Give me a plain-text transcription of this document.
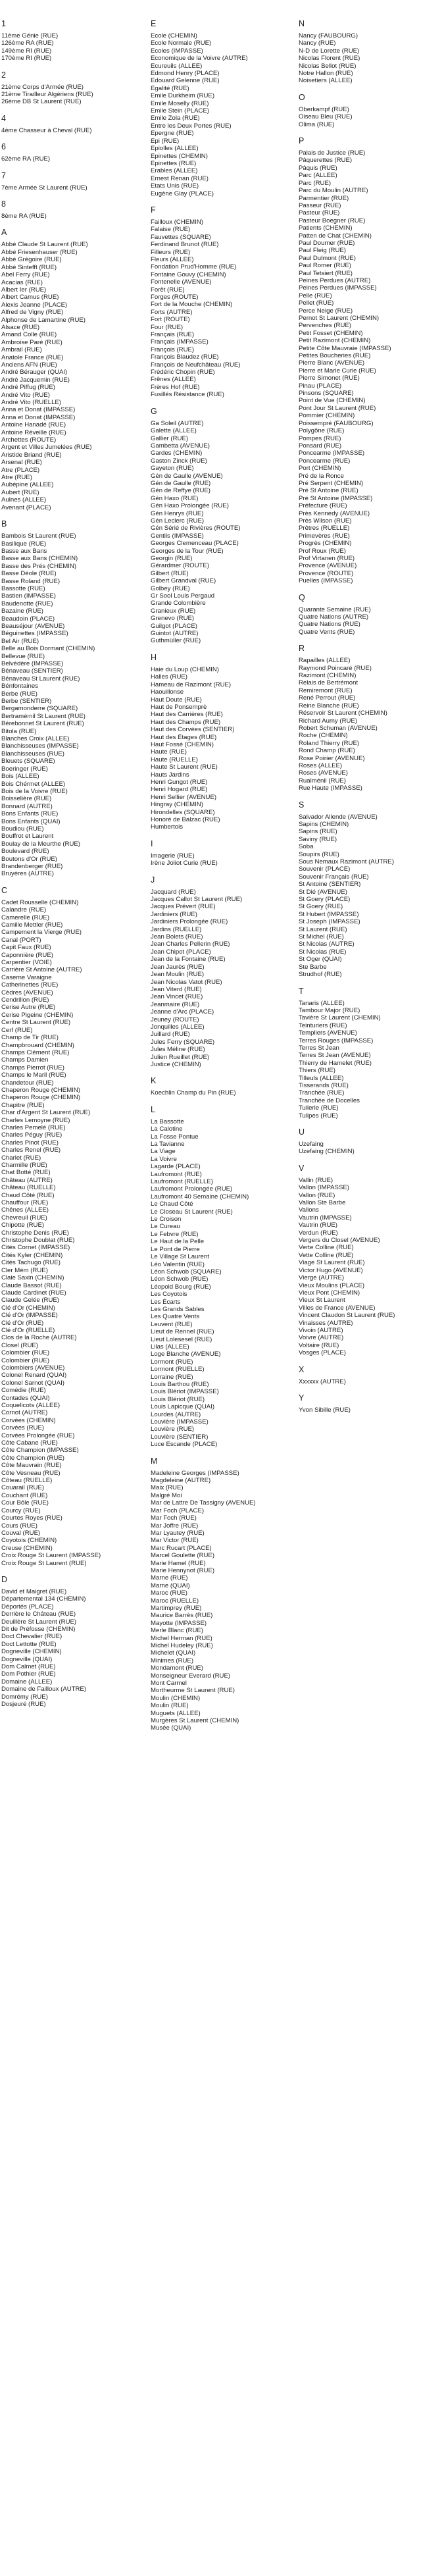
1
11ème Génie (RUE)
126ème RA (RUE)
149ème RI (RUE)
170ème RI (RUE)
2
21ème Corps d'Armée (RUE)
21ème Tirailleur Algériens (RUE)
26ème DB St Laurent (RUE)
4
4ème Chasseur à Cheval (RUE)
6
62ème RA (RUE)
7
7ème Armée St Laurent (RUE)
8
8ème RA (RUE)
A
Abbé Claude St Laurent (RUE)
Abbé Friesenhauser (RUE)
Abbé Grégoire (RUE)
Abbé Sintefft (RUE)
Abel Ferry (RUE)
Acacias (RUE)
Albert Ier (RUE)
Albert Camus (RUE)
Alexis Jeanne (PLACE)
Alfred de Vigny (RUE)
Alphonse de Lamartine (RUE)
Alsace (RUE)
Amand Colle (RUE)
Ambroise Paré (RUE)
Ambrail (RUE)
Anatole France (RUE)
Anciens AFN (RUE)
André Bérauger (QUAI)
André Jacquemin (RUE)
André Piffug (RUE)
André Vito (RUE)
André Vito (RUELLE)
Anna et Donat (IMPASSE)
Anna et Donat (IMPASSE)
Antoine Hanadé (RUE)
Antoine Réveille (RUE)
Archettes (ROUTE)
Argent et Villes Jumelées (RUE)
Aristide Briand (RUE)
Arsenal (RUE)
Atre (PLACE)
Atre (RUE)
Aubépine (ALLEE)
Aubert (RUE)
Aulnes (ALLEE)
Avenant (PLACE)
B
Bambois St Laurent (RUE)
Basilique (RUE)
Basse aux Bans
Basse aux Bans (CHEMIN)
Basse des Prés (CHEMIN)
Basse Déole (RUE)
Basse Roland (RUE)
Bassotte (RUE)
Bastien (IMPASSE)
Baudenotte (RUE)
Bazaine (RUE)
Beaudoin (PLACE)
Beauséjour (AVENUE)
Béguinettes (IMPASSE)
Bel Air (RUE)
Belle au Bois Dormant (CHEMIN)
Bellevue (RUE)
Belvédère (IMPASSE)
Bénaveau (SENTIER)
Bénaveau St Laurent (RUE)
Bénfontaines
Berbe (RUE)
Berbe (SENTIER)
Bergamonderre (SQUARE)
Bertramémil St Laurent (RUE)
Bérebonnet St Laurent (RUE)
Bitola (RUE)
Blanches Croix (ALLEE)
Blanchisseuses (IMPASSE)
Blanchisseuses (RUE)
Bleuets (SQUARE)
Boeringer (RUE)
Bois (ALLEE)
Bois Chérmet (ALLEE)
Bois de la Voivre (RUE)
Boisselière (RUE)
Bonnard (AUTRE)
Bons Enfants (RUE)
Bons Enfants (QUAI)
Boudiou (RUE)
Bouffrot et Laurent
Boulay de la Meurthe (RUE)
Boulevard (RUE)
Boutons d'Or (RUE)
Brandenberger (RUE)
Bruyères (AUTRE)
C
Cadet Rousselle (CHEMIN)
Calandre (RUE)
Camerelle (RUE)
Camille Mettler (RUE)
Campement la Vierge (RUE)
Canal (PORT)
Capit Faux (RUE)
Caponnière (RUE)
Carpentier (VOIE)
Carrière St Antoine (AUTRE)
Caserne Varaigne
Catherinettes (RUE)
Cèdres (AVENUE)
Cendrillon (RUE)
Cerise Autre (RUE)
Cerise Pigeine (CHEMIN)
Centre St Laurent (RUE)
Cerf (RUE)
Champ de Tir (RUE)
Champbrouard (CHEMIN)
Champs Clément (RUE)
Champs Damien
Champs Pierrot (RUE)
Champs le Maril (RUE)
Chandetour (RUE)
Chaperon Rouge (CHEMIN)
Chaperon Rouge (CHEMIN)
Chapitre (RUE)
Char d'Argent St Laurent (RUE)
Charles Lemoyne (RUE)
Charles Pemelé (RUE)
Charles Péguy (RUE)
Charles Pinot (RUE)
Charles Renel (RUE)
Charlet (RUE)
Charmille (RUE)
Chat Botté (RUE)
Château (AUTRE)
Château (RUELLE)
Chaud Côté (RUE)
Chauffour (RUE)
Chênes (ALLEE)
Chevreuil (RUE)
Chipotte (RUE)
Christophe Denis (RUE)
Christophe Doublat (RUE)
Cités Cornet (IMPASSE)
Cités Kyler (CHEMIN)
Cités Tachugo (RUE)
Cler Mém (RUE)
Claie Saxin (CHEMIN)
Claude Bassot (RUE)
Claude Cardinet (RUE)
Claude Gelée (RUE)
Clé d'Or (CHEMIN)
Clé d'Or (IMPASSE)
Clé d'Or (RUE)
Clé d'Or (RUELLE)
Clos de la Roche (AUTRE)
Closel (RUE)
Colombier (RUE)
Colombier (RUE)
Colombiers (AVENUE)
Colonel Renard (QUAI)
Colonel Sarnot (QUAI)
Comédie (RUE)
Contades (QUAI)
Coquelicots (ALLEE)
Cornot (AUTRE)
Corvées (CHEMIN)
Corvées (RUE)
Corvées Prolongée (RUE)
Côte Cabane (RUE)
Côte Champion (IMPASSE)
Côte Champion (RUE)
Côte Mauvrain (RUE)
Côte Vesneau (RUE)
Côteau (RUELLE)
Couarail (RUE)
Couchant (RUE)
Cour Bôle (RUE)
Courcy (RUE)
Courtes Royes (RUE)
Cours (RUE)
Couval (RUE)
Coyotois (CHEMIN)
Creuse (CHEMIN)
Croix Rouge St Laurent (IMPASSE)
Croix Rouge St Laurent (RUE)
D
David et Maigret (RUE)
Départemental 134 (CHEMIN)
Déportés (PLACE)
Derrière le Château (RUE)
Deuillère St Laurent (RUE)
Dit de Préfosse (CHEMIN)
Doct Chevalier (RUE)
Doct Lettotte (RUE)
Dogneville (CHEMIN)
Dogneville (QUAI)
Dom Calmet (RUE)
Dom Pothier (RUE)
Domaine (ALLEE)
Domaine de Failloux (AUTRE)
Domrémy (RUE)
Dosjeuré (RUE)
E
Ecole (CHEMIN)
Ecole Normale (RUE)
Ecoles (IMPASSE)
Economique de la Voivre (AUTRE)
Ecureuils (ALLEE)
Edmond Henry (PLACE)
Edouard Gelenne (RUE)
Egalité (RUE)
Emile Durkheim (RUE)
Emile Moselly (RUE)
Emile Stein (PLACE)
Emile Zola (RUE)
Entre les Deux Portes (RUE)
Epergne (RUE)
Epi (RUE)
Epiolles (ALLEE)
Epinettes (CHEMIN)
Epinettes (RUE)
Erables (ALLEE)
Ernest Renan (RUE)
Etats Unis (RUE)
Eugène Glay (PLACE)
F
Failloux (CHEMIN)
Falaise (RUE)
Fauvettes (SQUARE)
Ferdinand Brunot (RUE)
Filleurs (RUE)
Fleurs (ALLEE)
Fondation Prud'Homme (RUE)
Fontaine Gouvy (CHEMIN)
Fontenelle (AVENUE)
Forêt (RUE)
Forges (ROUTE)
Fort de la Mouche (CHEMIN)
Forts (AUTRE)
Fort (ROUTE)
Four (RUE)
Français (RUE)
Français (IMPASSE)
François (RUE)
François Blaudez (RUE)
François de Neufchâteau (RUE)
Frédéric Chopin (RUE)
Frênes (ALLEE)
Frères Hof (RUE)
Fusillés Résistance (RUE)
G
Ga Soleil (AUTRE)
Galette (ALLEE)
Gallier (RUE)
Gambetta (AVENUE)
Gardes (CHEMIN)
Gaston Zinck (RUE)
Gayeton (RUE)
Gén de Gaulle (AVENUE)
Gén de Gaulle (RUE)
Gén de Reffye (RUE)
Gén Haxo (RUE)
Gén Haxo Prolongée (RUE)
Gén Henrys (RUE)
Gén Leclerc (RUE)
Gén Sérié de Rivières (ROUTE)
Gentils (IMPASSE)
Georges Clemenceau (PLACE)
Georges de la Tour (RUE)
Georgin (RUE)
Gérardmer (ROUTE)
Gilbert (RUE)
Gilbert Grandval (RUE)
Golbey (RUE)
Gr Sool Louis Pergaud
Grande Colombière
Granieux (RUE)
Grenevo (RUE)
Guilgot (PLACE)
Guintot (AUTRE)
Guthmüller (RUE)
H
Haie du Loup (CHEMIN)
Halles (RUE)
Hameau de Razimont (RUE)
Haouillonse
Haut Doute (RUE)
Haut de Ponsemprè
Haut des Carrières (RUE)
Haut des Champs (RUE)
Haut des Corvées (SENTIER)
Haut des Étages (RUE)
Haut Fossé (CHEMIN)
Haute (RUE)
Haute (RUELLE)
Haute St Laurent (RUE)
Hauts Jardins
Henri Gungot (RUE)
Henri Hogard (RUE)
Henri Sellier (AVENUE)
Hingray (CHEMIN)
Hirondelles (SQUARE)
Honoré de Balzac (RUE)
Humbertois
I
Imagerie (RUE)
Irène Joliot Curie (RUE)
J
Jacquard (RUE)
Jacques Callot St Laurent (RUE)
Jacques Prévert (RUE)
Jardiniers (RUE)
Jardiniers Prolongée (RUE)
Jardins (RUELLE)
Jean Bolets (RUE)
Jean Charles Pellerin (RUE)
Jean Chipot (PLACE)
Jean de la Fontaine (RUE)
Jean Jaurès (RUE)
Jean Moulin (RUE)
Jean Nicolas Vatot (RUE)
Jean Viterd (RUE)
Jean Vincet (RUE)
Jeanmaire (RUE)
Jeanne d'Arc (PLACE)
Jeuney (ROUTE)
Jonquilles (ALLEE)
Juillard (RUE)
Jules Ferry (SQUARE)
Jules Méline (RUE)
Julien Rueillet (RUE)
Justice (CHEMIN)
K
Koechlin Champ du Pin (RUE)
L
La Bassotte
La Calotine
La Fosse Pontue
La Tavianne
La Viage
La Voivre
Lagarde (PLACE)
Laufromont (RUE)
Laufromont (RUELLE)
Laufromont Prolongée (RUE)
Laufromont 40 Semaine (CHEMIN)
Le Chaud Côté
Le Closeau St Laurent (RUE)
Le Croison
Le Cureau
Le Febvre (RUE)
Le Haut de la Pelle
Le Pont de Pierre
Le Village St Laurent
Léo Valentin (RUE)
Léon Schwob (SQUARE)
Léon Schwob (RUE)
Léopold Bourg (RUE)
Les Coyotois
Les Écarts
Les Grands Sables
Les Quatre Vents
Leuvent (RUE)
Lieut de Rennel (RUE)
Lieut Lolesesel (RUE)
Lilas (ALLEE)
Loge Blanche (AVENUE)
Lormont (RUE)
Lormont (RUELLE)
Lorraine (RUE)
Louis Barthou (RUE)
Louis Blériot (IMPASSE)
Louis Blériot (RUE)
Louis Lapicque (QUAI)
Lourdes (AUTRE)
Louvière (IMPASSE)
Louvière (RUE)
Louvière (SENTIER)
Luce Escande (PLACE)
M
Madeleine Georges (IMPASSE)
Magdeleine (AUTRE)
Maix (RUE)
Malgré Moi
Mar de Lattre De Tassigny (AVENUE)
Mar Foch (PLACE)
Mar Foch (RUE)
Mar Joffre (RUE)
Mar Lyautey (RUE)
Mar Victor (RUE)
Marc Rucart (PLACE)
Marcel Goulette (RUE)
Marie Hamel (RUE)
Marie Hennynot (RUE)
Marne (RUE)
Marne (QUAI)
Maroc (RUE)
Maroc (RUELLE)
Martimprey (RUE)
Maurice Barrès (RUE)
Mayotte (IMPASSE)
Merle Blanc (RUE)
Michel Herman (RUE)
Michel Hudeley (RUE)
Michelet (QUAI)
Minimes (RUE)
Mondamont (RUE)
Monseigneur Everard (RUE)
Mont Carmel
Mortheurme St Laurent (RUE)
Moulin (CHEMIN)
Moulin (RUE)
Muguets (ALLEE)
Murgères St Laurent (CHEMIN)
Musée (QUAI)
N
Nancy (FAUBOURG)
Nancy (RUE)
N-D de Lorette (RUE)
Nicolas Florent (RUE)
Nicolas Bellot (RUE)
Notre Hallon (RUE)
Noisetiers (ALLEE)
O
Oberkampf (RUE)
Oiseau Bleu (RUE)
Olima (RUE)
P
Palais de Justice (RUE)
Pâquerettes (RUE)
Pâquis (RUE)
Parc (ALLEE)
Parc (RUE)
Parc du Moulin (AUTRE)
Parmentier (RUE)
Passeur (RUE)
Pasteur (RUE)
Pasteur Boegner (RUE)
Patients (CHEMIN)
Patten de Chat (CHEMIN)
Paul Doumer (RUE)
Paul Fleig (RUE)
Paul Dulmont (RUE)
Paul Romer (RUE)
Paul Tetsiert (RUE)
Peines Perdues (AUTRE)
Peines Perdues (IMPASSE)
Pelle (RUE)
Pellet (RUE)
Perce Neige (RUE)
Pernot St Laurent (CHEMIN)
Pervenches (RUE)
Petit Fosset (CHEMIN)
Petit Razimont (CHEMIN)
Petite Côte Mauvraie (IMPASSE)
Petites Boucheries (RUE)
Pierre Blanc (AVENUE)
Pierre et Marie Curie (RUE)
Pierre Simonet (RUE)
Pinau (PLACE)
Pinsons (SQUARE)
Point de Vue (CHEMIN)
Pont Jour St Laurent (RUE)
Pommier (CHEMIN)
Poissempré (FAUBOURG)
Polygône (RUE)
Pompes (RUE)
Ponsard (RUE)
Poncearme (IMPASSE)
Poncearme (RUE)
Port (CHEMIN)
Pré de la Ronce
Pré Serpent (CHEMIN)
Pré St Antoine (RUE)
Pré St Antoine (IMPASSE)
Préfecture (RUE)
Près Kennedy (AVENUE)
Près Wilson (RUE)
Prêtres (RUELLE)
Primevères (RUE)
Progrès (CHEMIN)
Prof Roux (RUE)
Prof Virtanen (RUE)
Provence (AVENUE)
Provence (ROUTE)
Puelles (IMPASSE)
Q
Quarante Semaine (RUE)
Quatre Nations (AUTRE)
Quatre Nations (RUE)
Quatre Vents (RUE)
R
Rapailles (ALLEE)
Raymond Poincaré (RUE)
Razimont (CHEMIN)
Relais de Bertrémont
Remiremont (RUE)
René Perrout (RUE)
Reine Blanche (RUE)
Réservoir St Laurent (CHEMIN)
Richard Aumy (RUE)
Robert Schuman (AVENUE)
Roche (CHEMIN)
Roland Thierry (RUE)
Rond Champ (RUE)
Rose Poirier (AVENUE)
Roses (ALLEE)
Roses (AVENUE)
Rualménil (RUE)
Rue Haute (IMPASSE)
S
Salvador Allende (AVENUE)
Sapins (CHEMIN)
Sapins (RUE)
Saviny (RUE)
Soba
Soupirs (RUE)
Sous Nemaux Razimont (AUTRE)
Souvenir (PLACE)
Souvenir Français (RUE)
St Antoine (SENTIER)
St Dié (AVENUE)
St Goery (PLACE)
St Goery (RUE)
St Hubert (IMPASSE)
St Joseph (IMPASSE)
St Laurent (RUE)
St Michel (RUE)
St Nicolas (AUTRE)
St Nicolas (RUE)
St Oger (QUAI)
Ste Barbe
Strudhof (RUE)
T
Tanaris (ALLEE)
Tambour Major (RUE)
Tavière St Laurent (CHEMIN)
Teinturiers (RUE)
Templiers (AVENUE)
Terres Rouges (IMPASSE)
Terres St Jean
Terres St Jean (AVENUE)
Thierry de Hamelet (RUE)
Thiers (RUE)
Tilleuls (ALLEE)
Tisserands (RUE)
Tranchée (RUE)
Tranchée de Docelles
Tuilerie (RUE)
Tulipes (RUE)
U
Uzefaing
Uzefaing (CHEMIN)
V
Vallin (RUE)
Vallon (IMPASSE)
Vallon (RUE)
Vallon Ste Barbe
Vallons
Vautrin (IMPASSE)
Vautrin (RUE)
Verdun (RUE)
Vergers du Closel (AVENUE)
Verte Colline (RUE)
Vette Colline (RUE)
Viage St Laurent (RUE)
Victor Hugo (AVENUE)
Vierge (AUTRE)
Vieux Moulins (PLACE)
Vieux Pont (CHEMIN)
Vieux St Laurent
Villes de France (AVENUE)
Vincent Claudon St Laurent (RUE)
Vinaisses (AUTRE)
Vivoin (AUTRE)
Voivre (AUTRE)
Voltaire (RUE)
Vosges (PLACE)
X
Xxxxxx (AUTRE)
Y
Yvon Sibille (RUE)
